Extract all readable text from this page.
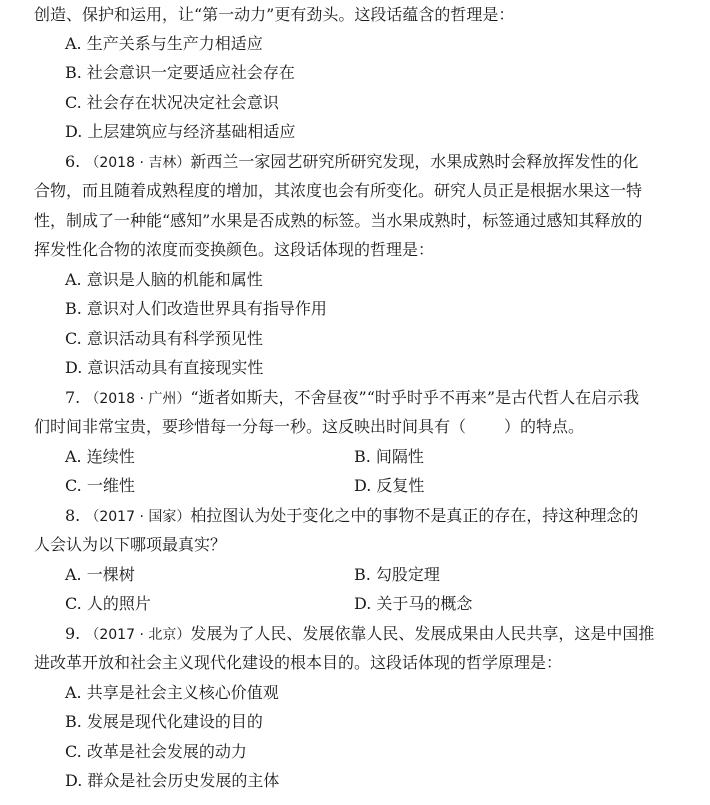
创造、保护和运用，让“第一动力”更有劲头。这段话蕴含的哲理是：
A. 生产关系与生产力相适应
B. 社会意识一定要适应社会存在
C. 社会存在状况决定社会意识
D. 上层建筑应与经济基础相适应
6. （2018 · 吉林）新西兰一家园艺研究所研究发现，水果成熟时会释放挥发性的化
合物，而且随着成熟程度的增加，其浓度也会有所变化。研究人员正是根据水果这一特
性，制成了一种能“感知”水果是否成熟的标签。当水果成熟时，标签通过感知其释放的
挥发性化合物的浓度而变换颜色。这段话体现的哲理是：
A. 意识是人脑的机能和属性
B. 意识对人们改造世界具有指导作用
C. 意识活动具有科学预见性
D. 意识活动具有直接现实性
7. （2018 · 广州）“逝者如斯夫，不舍昼夜”“时乎时乎不再来”是古代哲人在启示我
们时间非常宝贵，要珍惜每一分每一秒。这反映出时间具有（ ）的特点。
A. 连续性	B. 间隔性
C. 一维性	D. 反复性
8. （2017 · 国家）柏拉图认为处于变化之中的事物不是真正的存在，持这种理念的
人会认为以下哪项最真实？
A. 一棵树	B. 勾股定理
C. 人的照片	D. 关于马的概念
9. （2017 · 北京）发展为了人民、发展依靠人民、发展成果由人民共享，这是中国推
进改革开放和社会主义现代化建设的根本目的。这段话体现的哲学原理是：
A. 共享是社会主义核心价值观
B. 发展是现代化建设的目的
C. 改革是社会发展的动力
D. 群众是社会历史发展的主体
